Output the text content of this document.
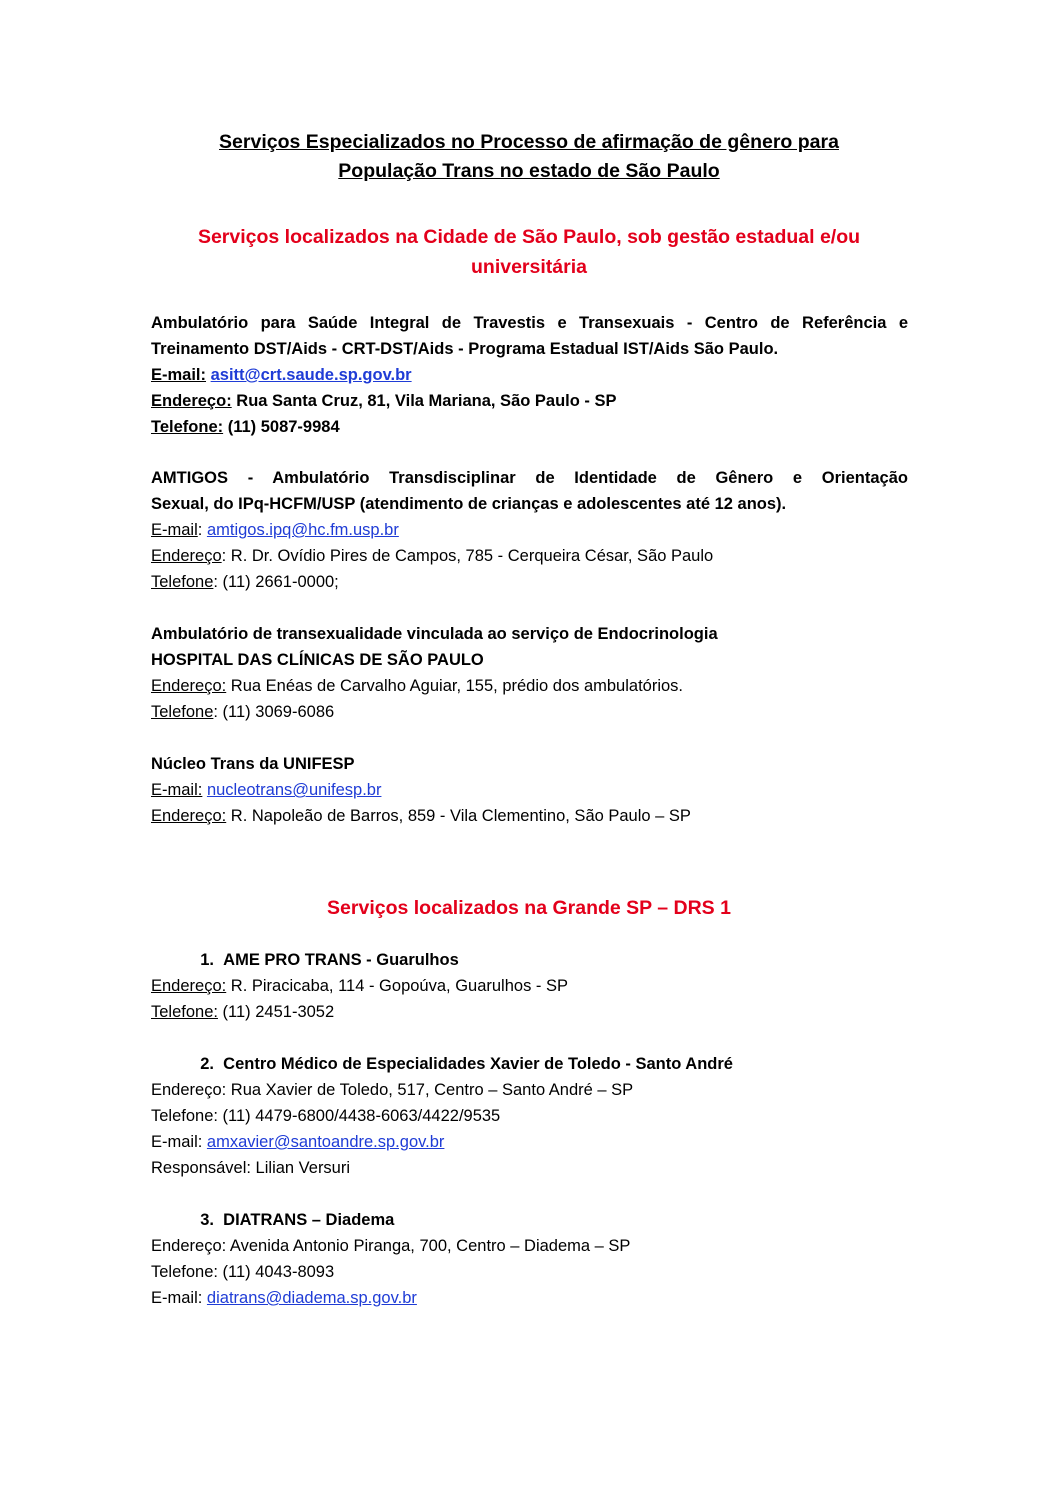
Serviços Especializados no Processo de afirmação de gênero para
População Trans no estado de São Paulo
Serviços localizados na Cidade de São Paulo, sob gestão estadual e/ou
universitária
Ambulatório para Saúde Integral de Travestis e Transexuais - Centro de Referência e
Treinamento DST/Aids - CRT-DST/Aids - Programa Estadual IST/Aids São Paulo.
E-mail: asitt@crt.saude.sp.gov.br
Endereço: Rua Santa Cruz, 81, Vila Mariana, São Paulo - SP
Telefone: (11) 5087-9984
AMTIGOS - Ambulatório Transdisciplinar de Identidade de Gênero e Orientação
Sexual, do IPq-HCFM/USP (atendimento de crianças e adolescentes até 12 anos).
E-mail: amtigos.ipq@hc.fm.usp.br
Endereço: R. Dr. Ovídio Pires de Campos, 785 - Cerqueira César, São Paulo
Telefone: (11) 2661-0000;
Ambulatório de transexualidade vinculada ao serviço de Endocrinologia
HOSPITAL DAS CLÍNICAS DE SÃO PAULO
Endereço: Rua Enéas de Carvalho Aguiar, 155, prédio dos ambulatórios.
Telefone: (11) 3069-6086
Núcleo Trans da UNIFESP
E-mail: nucleotrans@unifesp.br
Endereço: R. Napoleão de Barros, 859 - Vila Clementino, São Paulo – SP
Serviços localizados na Grande SP – DRS 1
1. AME PRO TRANS - Guarulhos
Endereço: R. Piracicaba, 114 - Gopoúva, Guarulhos - SP
Telefone: (11) 2451-3052
2. Centro Médico de Especialidades Xavier de Toledo - Santo André
Endereço: Rua Xavier de Toledo, 517, Centro – Santo André – SP
Telefone: (11) 4479-6800/4438-6063/4422/9535
E-mail: amxavier@santoandre.sp.gov.br
Responsável: Lilian Versuri
3. DIATRANS – Diadema
Endereço: Avenida Antonio Piranga, 700, Centro – Diadema – SP
Telefone: (11) 4043-8093
E-mail: diatrans@diadema.sp.gov.br
